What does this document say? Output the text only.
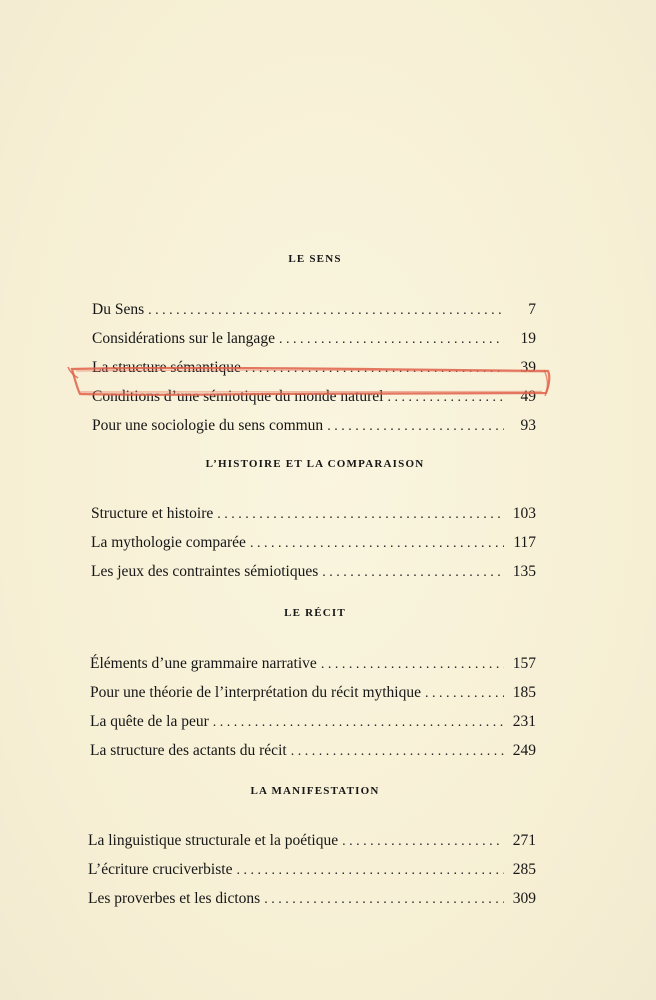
LE SENS
Du Sens . . .	7
Considérations sur le langage . . .	19
La structure sémantique . . .	39
Conditions d’une sémiotique du monde naturel . . .	49
Pour une sociologie du sens commun . . .	93
L’HISTOIRE ET LA COMPARAISON
Structure et histoire . . .	103
La mythologie comparée . . .	117
Les jeux des contraintes sémiotiques . . .	135
LE RÉCIT
Éléments d’une grammaire narrative . . .	157
Pour une théorie de l’interprétation du récit mythique . . .	185
La quête de la peur . . .	231
La structure des actants du récit . . .	249
LA MANIFESTATION
La linguistique structurale et la poétique . . .	271
L’écriture cruciverbiste . . .	285
Les proverbes et les dictons . . .	309
